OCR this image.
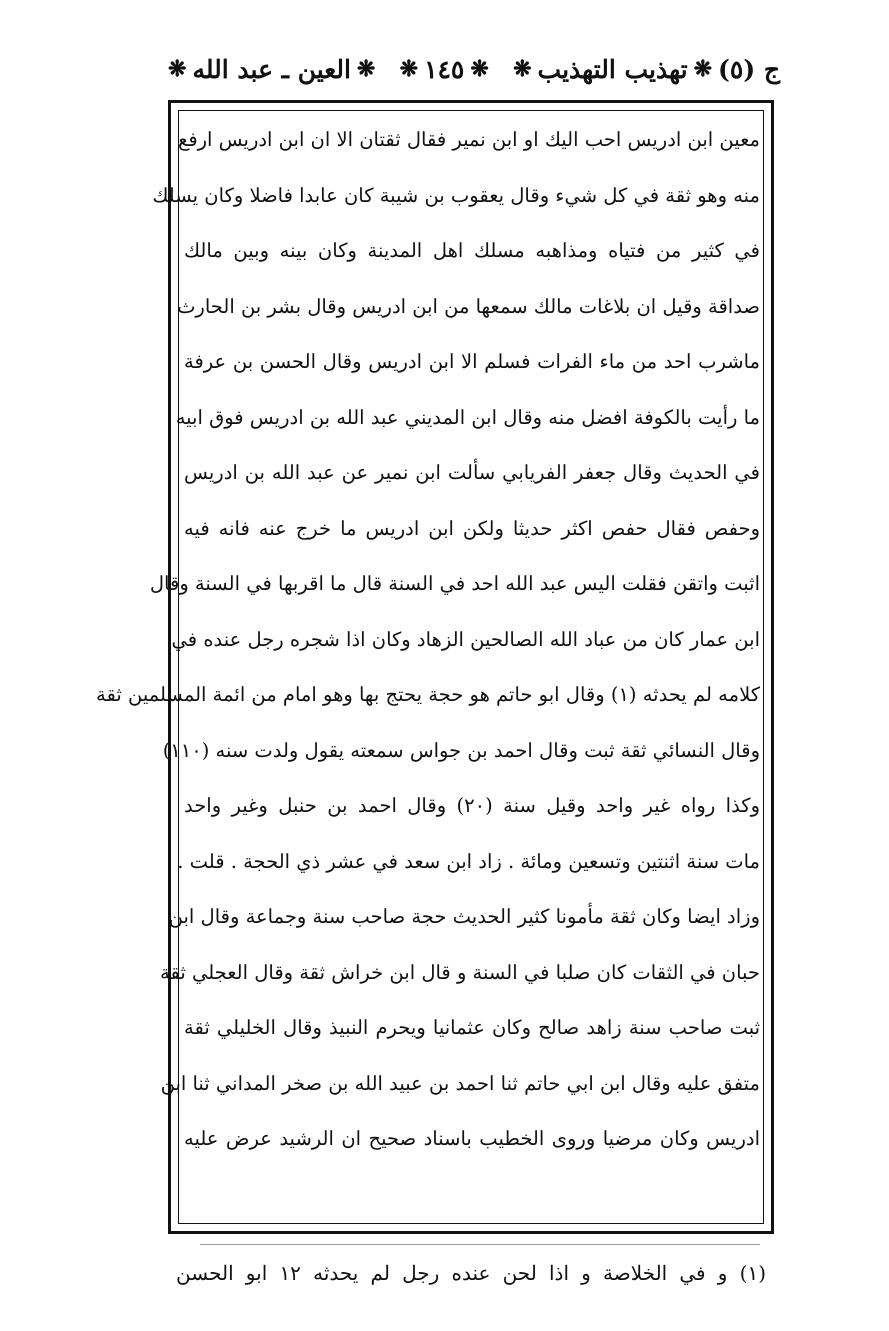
ج (٥)
❋
تهذيب التهذيب
❋
❋
١٤٥
❋
❋
العين ـ عبد الله
❋
معين ابن ادريس احب اليك او ابن نمير فقال ثقتان الا ان ابن ادريس ارفع
منه وهو ثقة في كل شيء وقال يعقوب بن شيبة كان عابدا فاضلا وكان يسلك
في كثير من فتياه ومذاهبه مسلك اهل المدينة وكان بينه وبين مالك
صداقة وقيل ان بلاغات مالك سمعها من ابن ادريس وقال بشر بن الحارث
ماشرب احد من ماء الفرات فسلم الا ابن ادريس وقال الحسن بن عرفة
ما رأيت بالكوفة افضل منه وقال ابن المديني عبد الله بن ادريس فوق ابيه
في الحديث وقال جعفر الفريابي سألت ابن نمير عن عبد الله بن ادريس
وحفص فقال حفص اكثر حديثا ولكن ابن ادريس ما خرج عنه فانه فيه
اثبت واتقن فقلت اليس عبد الله احد في السنة قال ما اقربها في السنة وقال
ابن عمار كان من عباد الله الصالحين الزهاد وكان اذا شجره رجل عنده في
كلامه لم يحدثه (١) وقال ابو حاتم هو حجة يحتج بها وهو امام من ائمة المسلمين ثقة
وقال النسائي ثقة ثبت وقال احمد بن جواس سمعته يقول ولدت سنه (١١٠)
وكذا رواه غير واحد وقيل سنة (٢٠) وقال احمد بن حنبل وغير واحد
مات سنة اثنتين وتسعين ومائة . زاد ابن سعد في عشر ذي الحجة . قلت .
وزاد ايضا وكان ثقة مأمونا كثير الحديث حجة صاحب سنة وجماعة وقال ابن
حبان في الثقات كان صلبا في السنة و قال ابن خراش ثقة وقال العجلي ثقة
ثبت صاحب سنة زاهد صالح وكان عثمانيا ويحرم النبيذ وقال الخليلي ثقة
متفق عليه وقال ابن ابي حاتم ثنا احمد بن عبيد الله بن صخر المداني ثنا ابن
ادريس وكان مرضيا وروى الخطيب باسناد صحيح ان الرشيد عرض عليه
(١) و في الخلاصة و اذا لحن عنده رجل لم يحدثه ١٢ ابو الحسن
